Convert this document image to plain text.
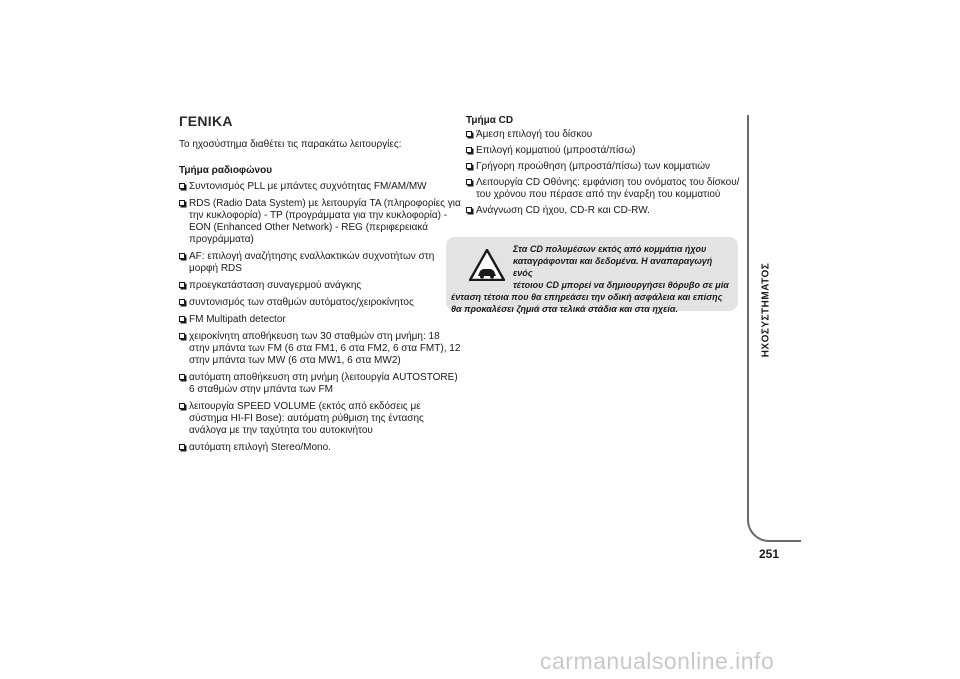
ΓΕΝΙΚΑ
Το ηχοσύστημα διαθέτει τις παρακάτω λειτουργίες:
Τμήμα ραδιοφώνου
Συντονισμός PLL με μπάντες συχνότητας FM/AM/MW
RDS (Radio Data System) με λειτουργία TA (πληροφορίες για την κυκλοφορία) - TP (προγράμματα για την κυκλοφορία) - EON (Enhanced Other Network) - REG (περιφερειακά προγράμματα)
AF: επιλογή αναζήτησης εναλλακτικών συχνοτήτων στη μορφή RDS
προεγκατάσταση συναγερμού ανάγκης
συντονισμός των σταθμών αυτόματος/χειροκίνητος
FM Multipath detector
χειροκίνητη αποθήκευση των 30 σταθμών στη μνήμη: 18 στην μπάντα των FM (6 στα FM1, 6 στα FM2, 6 στα FMT), 12 στην μπάντα των MW (6 στα MW1, 6 στα MW2)
αυτόματη αποθήκευση στη μνήμη (λειτουργία AUTOSTORE) 6 σταθμών στην μπάντα των FM
λειτουργία SPEED VOLUME (εκτός από εκδόσεις με σύστημα HI-FI Bose): αυτόματη ρύθμιση της έντασης ανάλογα με την ταχύτητα του αυτοκινήτου
αυτόματη επιλογή Stereo/Mono.
Τμήμα CD
Άμεση επιλογή του δίσκου
Επιλογή κομματιού (μπροστά/πίσω)
Γρήγορη προώθηση (μπροστά/πίσω) των κομματιών
Λειτουργία CD Οθόνης: εμφάνιση του ονόματος του δίσκου/του χρόνου που πέρασε από την έναρξη του κομματιού
Ανάγνωση CD ήχου, CD-R και CD-RW.
Στα CD πολυμέσων εκτός από κομμάτια ήχου
καταγράφονται και δεδομένα. Η αναπαραγωγή ενός
τέτοιου CD μπορεί να δημιουργήσει θόρυβο σε μία
ένταση τέτοια που θα επηρεάσει την οδική ασφάλεια και επίσης
θα προκαλέσει ζημιά στα τελικά στάδια και στα ηχεία.	ΗΧΟΣΥΣΤΗΜΑΤΟΣ
251
carmanualsonline.info
